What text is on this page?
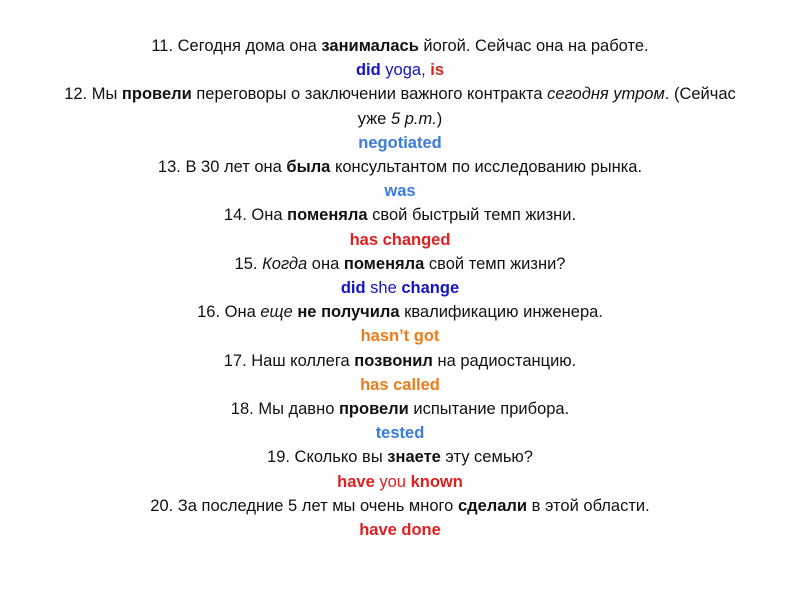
11. Сегодня дома она занималась йогой. Сейчас она на работе.
did yoga, is
12. Мы провели переговоры о заключении важного контракта сегодня утром. (Сейчас уже 5 p.m.)
negotiated
13. В 30 лет она была консультантом по исследованию рынка.
was
14. Она поменяла свой быстрый темп жизни.
has changed
15. Когда она поменяла свой темп жизни?
did she change
16. Она еще не получила квалификацию инженера.
hasn’t got
17. Наш коллега позвонил на радиостанцию.
has called
18. Мы давно провели испытание прибора.
tested
19. Сколько вы знаете эту семью?
have you known
20. За последние 5 лет мы очень много сделали в этой области.
have done
